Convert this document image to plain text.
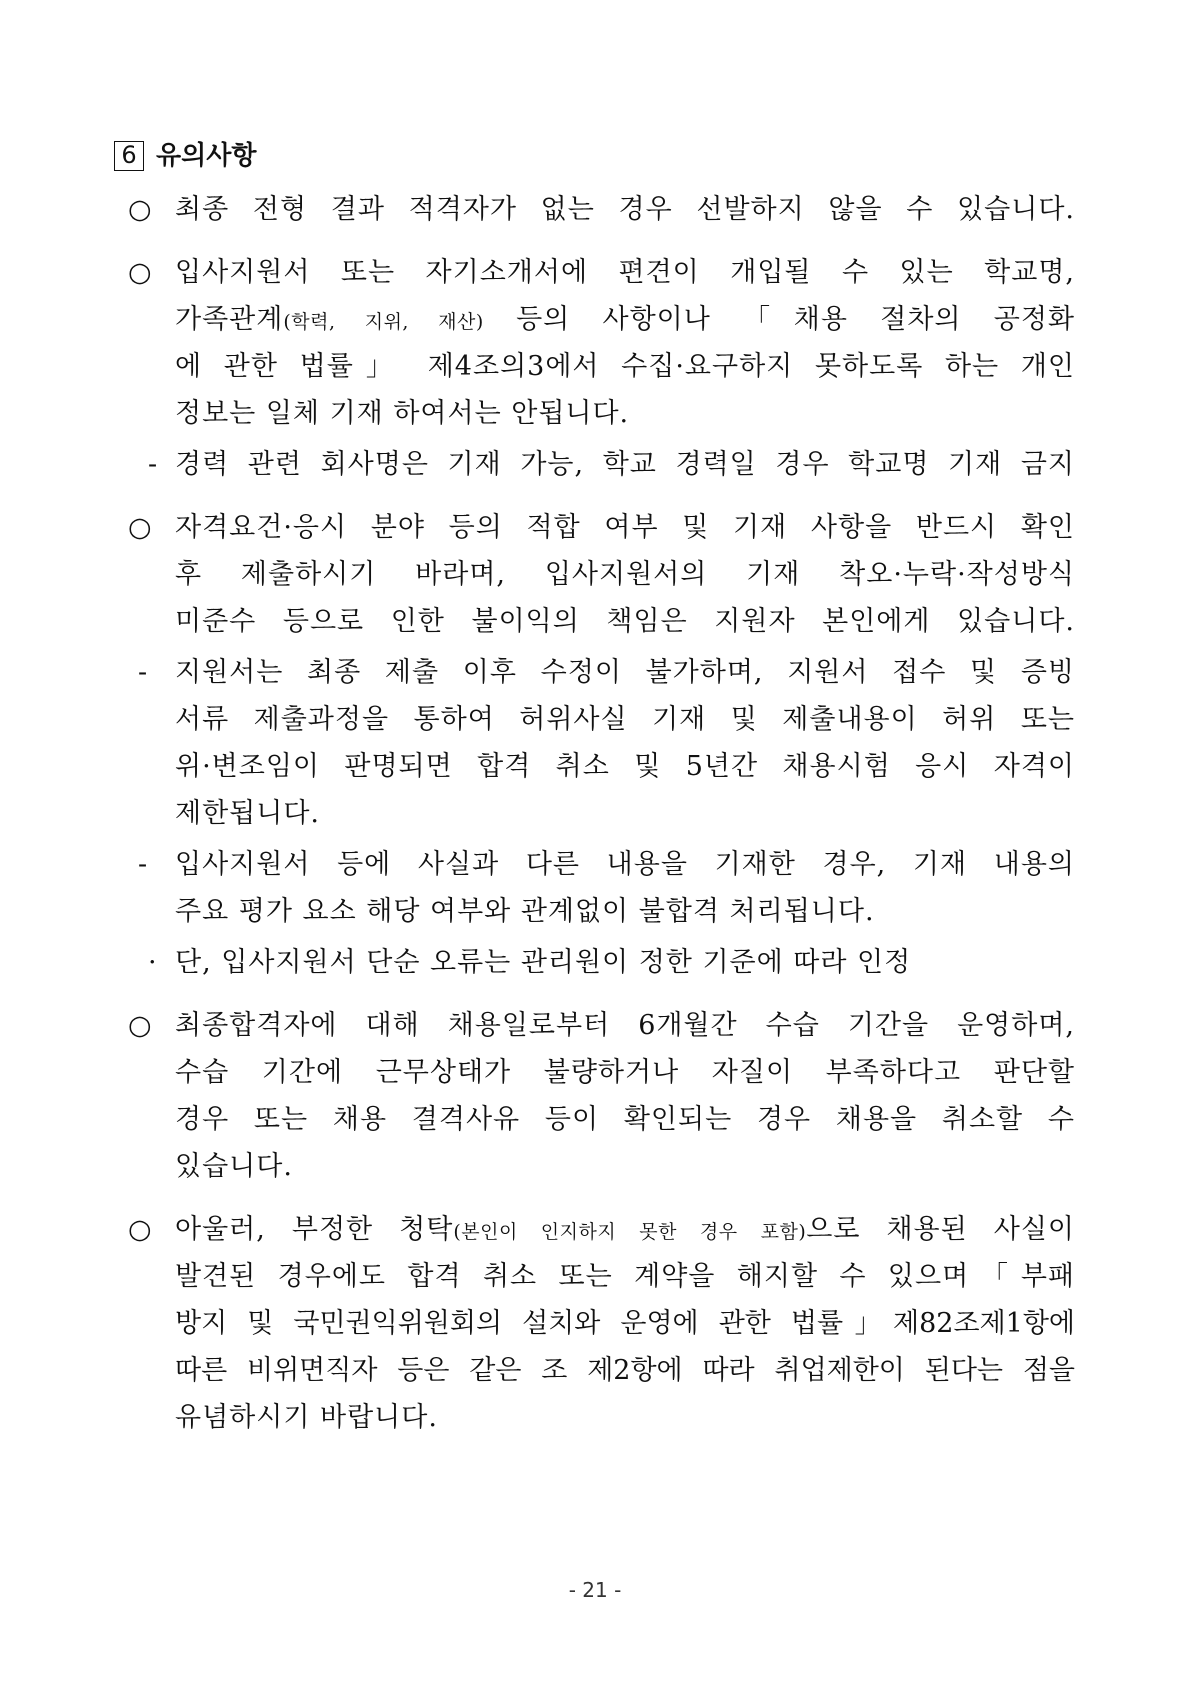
6 유의사항
○ 최종 전형 결과 적격자가 없는 경우 선발하지 않을 수 있습니다.
○ 입사지원서 또는 자기소개서에 편견이 개입될 수 있는 학교명,
가족관계(학력, 지위, 재산) 등의 사항이나 「채용 절차의 공정화
에 관한 법률」 제4조의3에서 수집·요구하지 못하도록 하는 개인
정보는 일체 기재 하여서는 안됩니다.
- 경력 관련 회사명은 기재 가능, 학교 경력일 경우 학교명 기재 금지
○ 자격요건·응시 분야 등의 적합 여부 및 기재 사항을 반드시 확인
후 제출하시기 바라며, 입사지원서의 기재 착오·누락·작성방식
미준수 등으로 인한 불이익의 책임은 지원자 본인에게 있습니다.
- 지원서는 최종 제출 이후 수정이 불가하며, 지원서 접수 및 증빙
서류 제출과정을 통하여 허위사실 기재 및 제출내용이 허위 또는
위·변조임이 판명되면 합격 취소 및 5년간 채용시험 응시 자격이
제한됩니다.
- 입사지원서 등에 사실과 다른 내용을 기재한 경우, 기재 내용의
주요 평가 요소 해당 여부와 관계없이 불합격 처리됩니다.
· 단, 입사지원서 단순 오류는 관리원이 정한 기준에 따라 인정
○ 최종합격자에 대해 채용일로부터 6개월간 수습 기간을 운영하며,
수습 기간에 근무상태가 불량하거나 자질이 부족하다고 판단할
경우 또는 채용 결격사유 등이 확인되는 경우 채용을 취소할 수
있습니다.
○ 아울러, 부정한 청탁(본인이 인지하지 못한 경우 포함)으로 채용된 사실이
발견된 경우에도 합격 취소 또는 계약을 해지할 수 있으며「부패
방지 및 국민권익위원회의 설치와 운영에 관한 법률」제82조제1항에
따른 비위면직자 등은 같은 조 제2항에 따라 취업제한이 된다는 점을
유념하시기 바랍니다.
- 21 -
